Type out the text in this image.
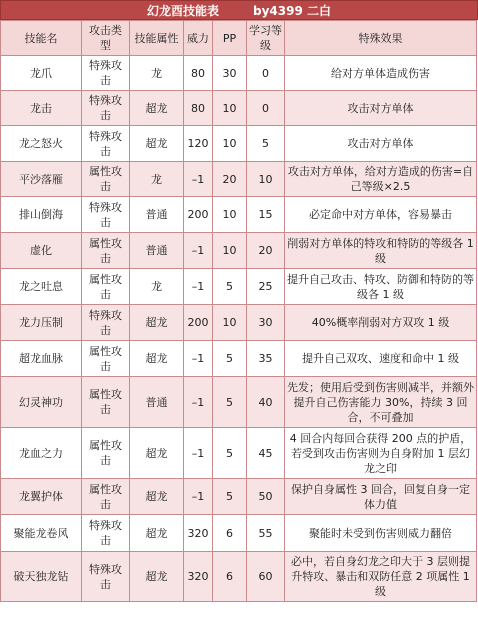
幻龙酉技能表	by4399 二白
技能名	攻击类型	技能属性	威力	PP	学习等级	特殊效果
龙爪	特殊攻击	龙	80	30	0	给对方单体造成伤害
龙击	特殊攻击	超龙	80	10	0	攻击对方单体
龙之怒火	特殊攻击	超龙	120	10	5	攻击对方单体
平沙落雁	属性攻击	龙	–1	20	10	攻击对方单体，给对方造成的伤害=自己等级×2.5
排山倒海	特殊攻击	普通	200	10	15	必定命中对方单体，容易暴击
虚化	属性攻击	普通	–1	10	20	削弱对方单体的特攻和特防的等级各 1 级
龙之吐息	属性攻击	龙	–1	5	25	提升自己攻击、特攻、防御和特防的等级各 1 级
龙力压制	特殊攻击	超龙	200	10	30	40%概率削弱对方双攻 1 级
超龙血脉	属性攻击	超龙	–1	5	35	提升自己双攻、速度和命中 1 级
幻灵神功	属性攻击	普通	–1	5	40	先发；使用后受到伤害则减半，并额外提升自己伤害能力 30%，持续 3 回合，不可叠加
龙血之力	属性攻击	超龙	–1	5	45	4 回合内每回合获得 200 点的护盾，若受到攻击伤害则为自身附加 1 层幻龙之印
龙翼护体	属性攻击	超龙	–1	5	50	保护自身属性 3 回合，回复自身一定体力值
聚能龙卷风	特殊攻击	超龙	320	6	55	聚能时未受到伤害则威力翻倍
破天独龙钻	特殊攻击	超龙	320	6	60	必中，若自身幻龙之印大于 3 层则提升特攻、暴击和双防任意 2 项属性 1 级
